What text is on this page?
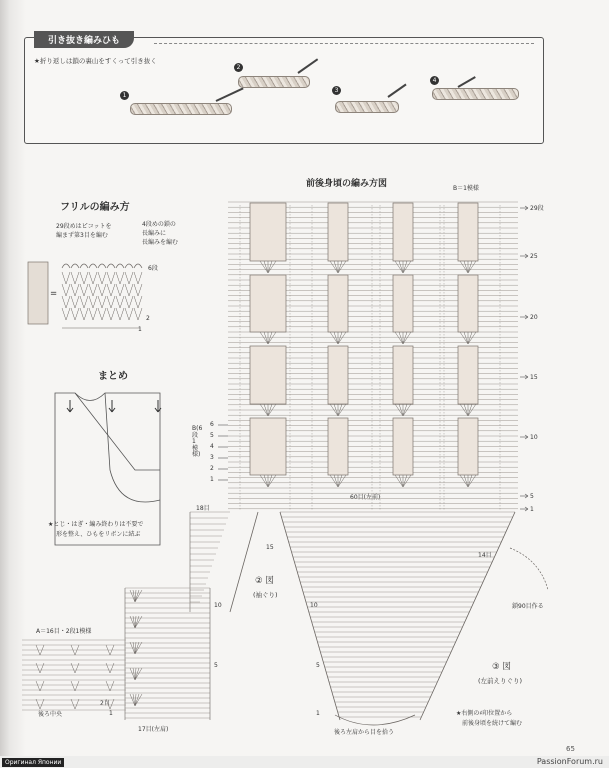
引き抜き編みひも
★折り返しは鎖の裏山をすくって引き抜く
1
2
3
4
フリルの編み方
29段めはピコットを
編まず第3目を編む
4段めの鎖の
長編みに
長編みを編む
6段
2
1
=
まとめ
★とじ・はぎ・編み終わりは不要で
形を整え、ひもをリボンに結ぶ
前後身頃の編み方図	B＝1模様
29段
25
20
15
10
5
1
B(6段1模様)
6
5
4
3
2
1
60目(左前)
18目
15
② 図
(袖ぐり)
③ 図
(左前えりぐり)
14目
鎖90目作る
A＝16目・2段1模様
後ろ中央
2目
17目(左肩)
10
5
1
10
5
1
後ろ左肩から目を拾う
★右側の♯印位置から
前後身頃を続けて編む
65
Оригинал Японии	PassionForum.ru
